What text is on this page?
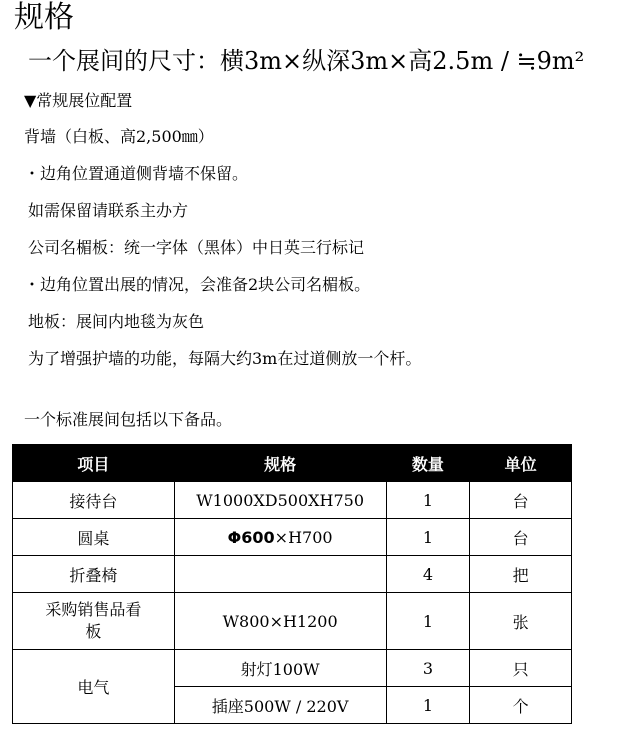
规格
一个展间的尺寸：横3m×纵深3m×高2.5m / ≒9m²
▼常规展位配置
背墙（白板、高2,500㎜）
・边角位置通道侧背墙不保留。
如需保留请联系主办方
公司名楣板：统一字体（黑体）中日英三行标记
・边角位置出展的情况，会准备2块公司名楣板。
地板：展间内地毯为灰色
为了增强护墙的功能，每隔大约3m在过道侧放一个杆。
一个标准展间包括以下备品。
项目	规格	数量	单位
接待台	W1000XD500XH750	1	台
圆桌	Φ600×H700	1	台
折叠椅		4	把
采购销售品看板	W800×H1200	1	张
电气	射灯100W	3	只
	插座500W / 220V	1	个
